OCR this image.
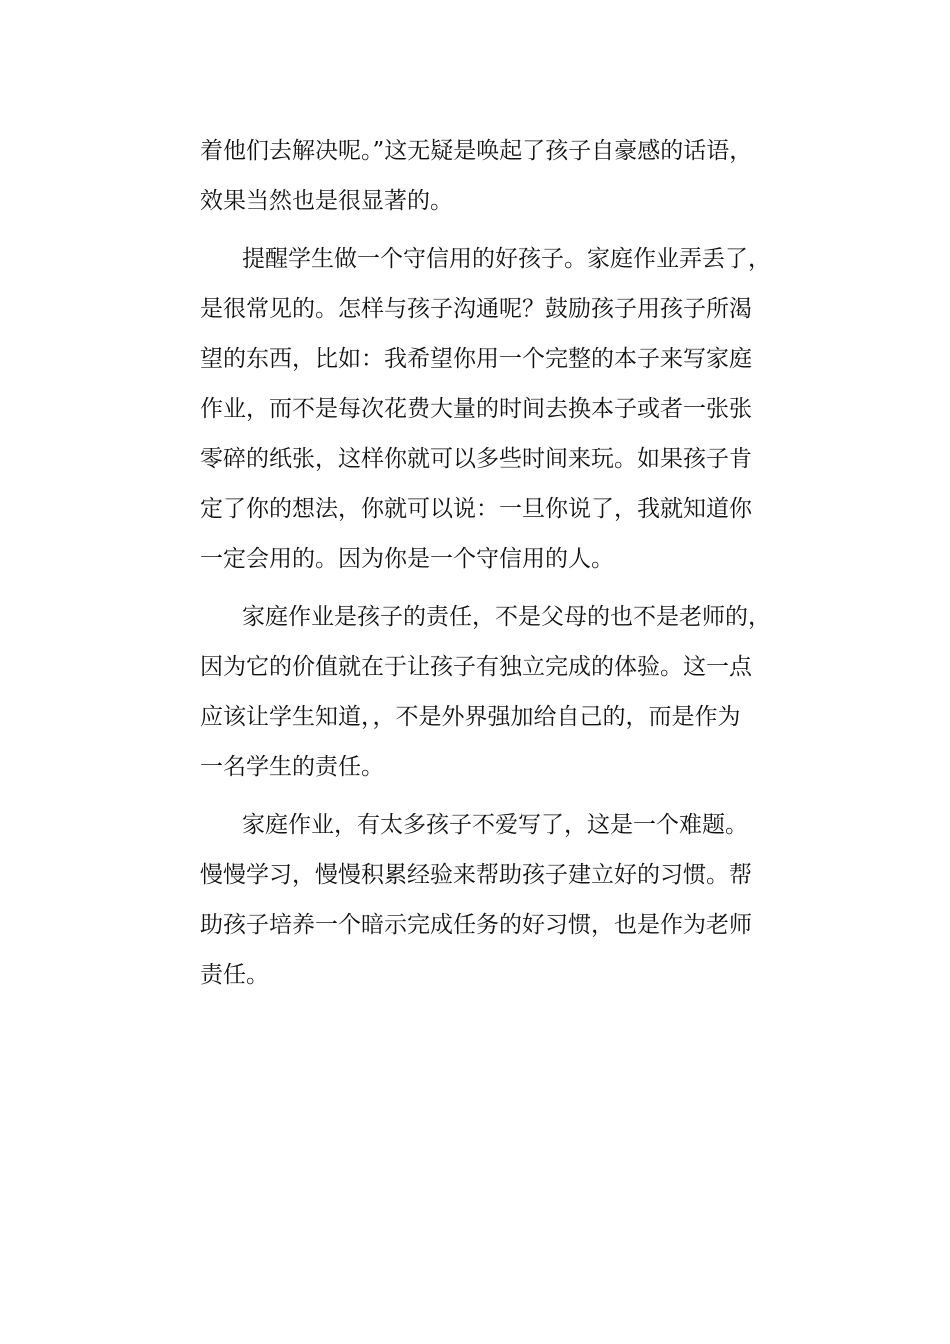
着他们去解决呢。”这无疑是唤起了孩子自豪感的话语，
效果当然也是很显著的。
提醒学生做一个守信用的好孩子。家庭作业弄丢了，
是很常见的。怎样与孩子沟通呢？鼓励孩子用孩子所渴
望的东西，比如：我希望你用一个完整的本子来写家庭
作业，而不是每次花费大量的时间去换本子或者一张张
零碎的纸张，这样你就可以多些时间来玩。如果孩子肯
定了你的想法，你就可以说：一旦你说了，我就知道你
一定会用的。因为你是一个守信用的人。
家庭作业是孩子的责任，不是父母的也不是老师的，
因为它的价值就在于让孩子有独立完成的体验。这一点
应该让学生知道，，不是外界强加给自己的，而是作为
一名学生的责任。
家庭作业，有太多孩子不爱写了，这是一个难题。
慢慢学习，慢慢积累经验来帮助孩子建立好的习惯。帮
助孩子培养一个暗示完成任务的好习惯，也是作为老师
责任。
